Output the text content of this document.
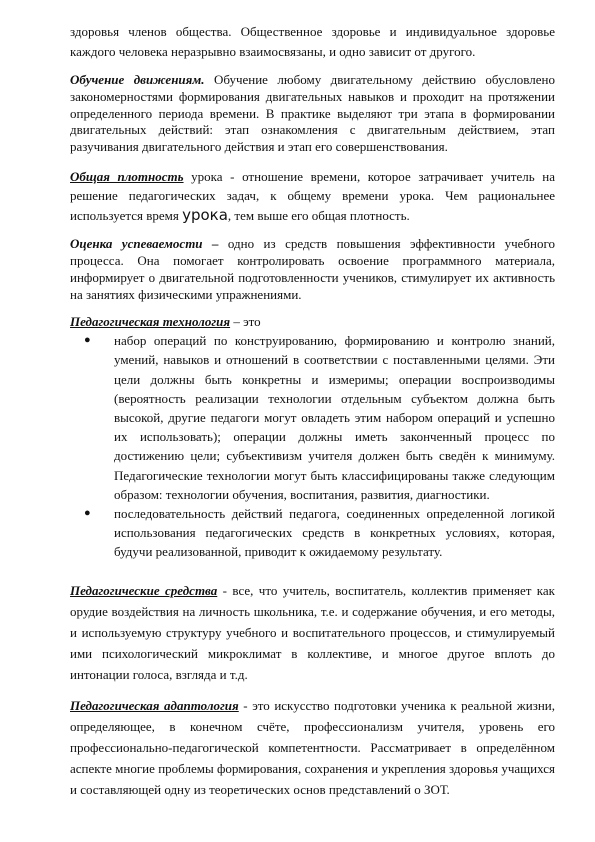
здоровья членов общества. Общественное здоровье и индивидуальное здоровье каждого человека неразрывно взаимосвязаны, и одно зависит от другого.

Обучение движениям. Обучение любому двигательному действию обусловлено закономерностями формирования двигательных навыков и проходит на протяжении определенного периода времени. В практике выделяют три этапа в формировании двигательных действий: этап ознакомления с двигательным действием, этап разучивания двигательного действия и этап его совершенствования.

Общая плотность урока - отношение времени, которое затрачивает учитель на решение педагогических задач, к общему времени урока. Чем рациональнее используется время урока, тем выше его общая плотность.

Оценка успеваемости – одно из средств повышения эффективности учебного процесса. Она помогает контролировать освоение программного материала, информирует о двигательной подготовленности учеников, стимулирует их активность на занятиях физическими упражнениями.

Педагогическая технология – это

● набор операций по конструированию, формированию и контролю знаний, умений, навыков и отношений в соответствии с поставленными целями. Эти цели должны быть конкретны и измеримы; операции воспроизводимы (вероятность реализации технологии отдельным субъектом должна быть высокой, другие педагоги могут овладеть этим набором операций и успешно их использовать); операции должны иметь законченный процесс по достижению цели; субъективизм учителя должен быть сведён к минимуму. Педагогические технологии могут быть классифицированы также следующим образом: технологии обучения, воспитания, развития, диагностики.
● последовательность действий педагога, соединенных определенной логикой использования педагогических средств в конкретных условиях, которая, будучи реализованной, приводит к ожидаемому результату.

Педагогические средства - все, что учитель, воспитатель, коллектив применяет как орудие воздействия на личность школьника, т.е. и содержание обучения, и его методы, и используемую структуру учебного и воспитательного процессов, и стимулируемый ими психологический микроклимат в коллективе, и многое другое вплоть до интонации голоса, взгляда и т.д.

Педагогическая адаптология - это искусство подготовки ученика к реальной жизни, определяющее, в конечном счёте, профессионализм учителя, уровень его профессионально-педагогической компетентности. Рассматривает в определённом аспекте многие проблемы формирования, сохранения и укрепления здоровья учащихся и составляющей одну из теоретических основ представлений о ЗОТ.
